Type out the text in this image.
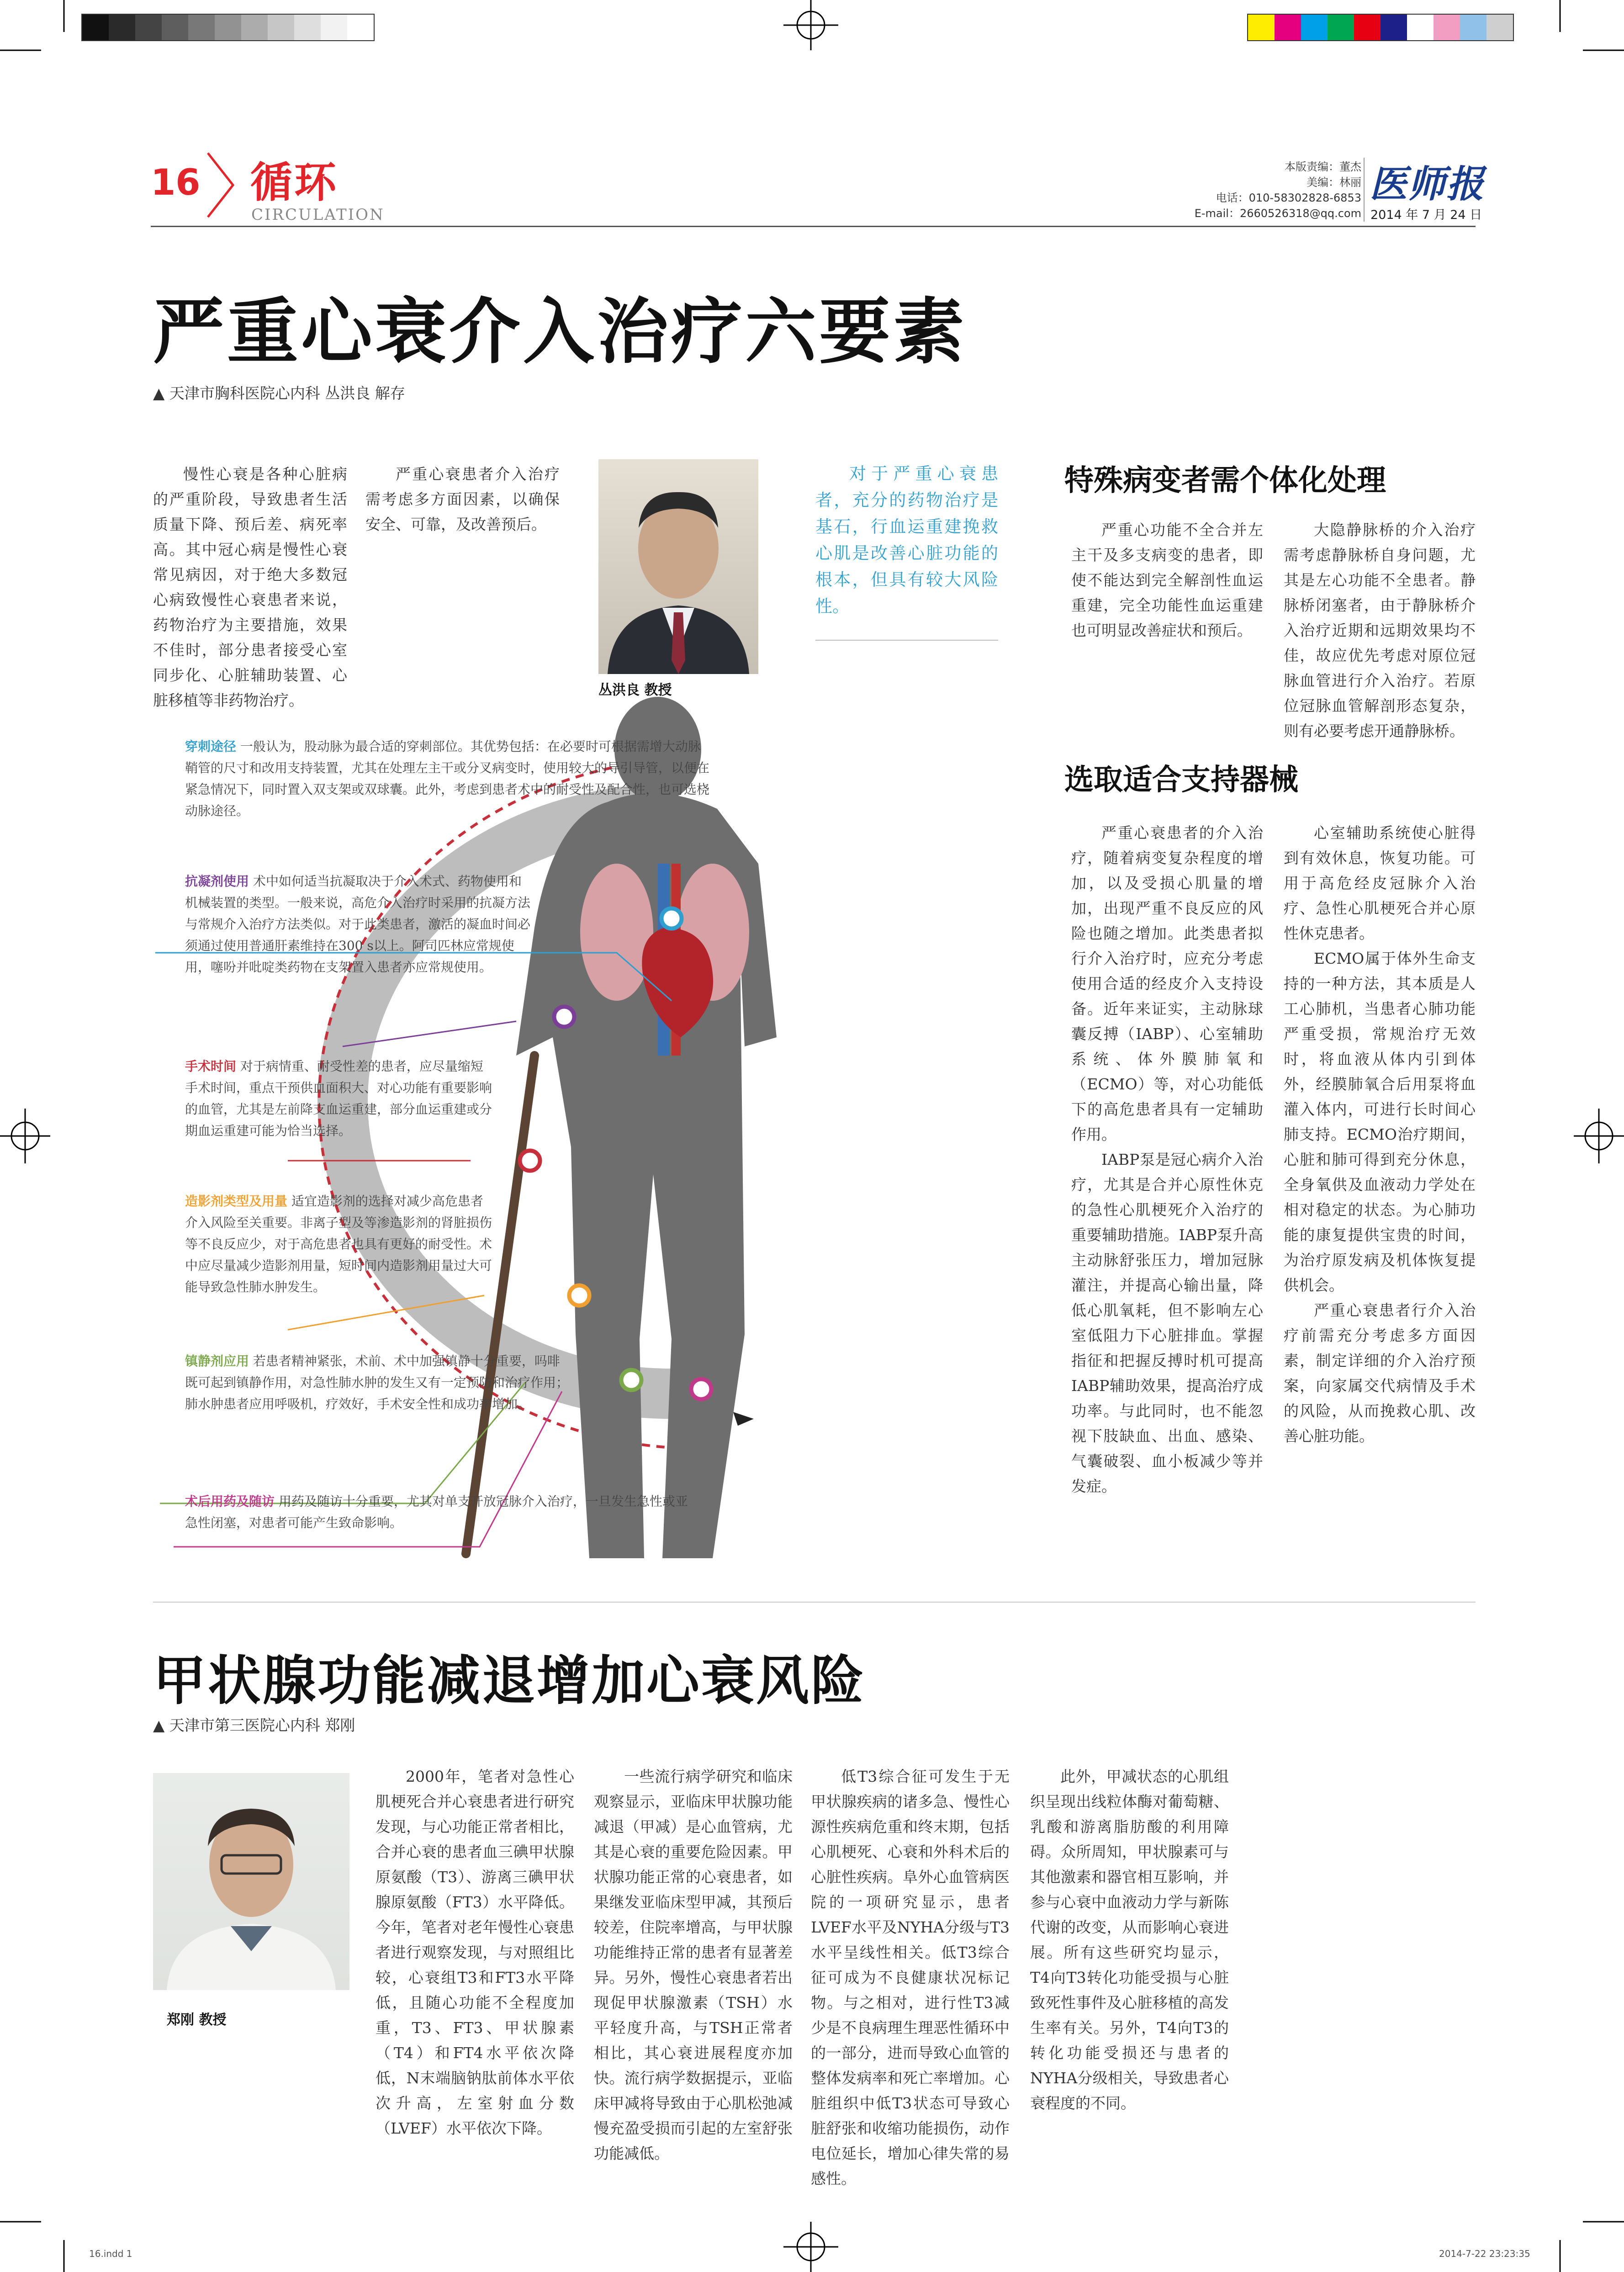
16 循环
CIRCULATION
本版责编：董杰
美编：林丽
电话：010-58302828-6853
E-mail：2660526318@qq.com
医师报
2014 年 7 月 24 日
严重心衰介入治疗六要素
▲ 天津市胸科医院心内科 丛洪良 解存

慢性心衰是各种心脏病的严重阶段，导致患者生活质量下降、预后差、病死率高。其中冠心病是慢性心衰常见病因，对于绝大多数冠心病致慢性心衰患者来说，药物治疗为主要措施，效果不佳时，部分患者接受心室同步化、心脏辅助装置、心脏移植等非药物治疗。

严重心衰患者介入治疗需考虑多方面因素，以确保安全、可靠，及改善预后。

丛洪良 教授
对于严重心衰患者，充分的药物治疗是基石，行血运重建挽救心肌是改善心脏功能的根本，但具有较大风险性。
特殊病变者需个体化处理

严重心功能不全合并左主干及多支病变的患者，即使不能达到完全解剖性血运重建，完全功能性血运重建也可明显改善症状和预后。

大隐静脉桥的介入治疗需考虑静脉桥自身问题，尤其是左心功能不全患者。静脉桥闭塞者，由于静脉桥介入治疗近期和远期效果均不佳，故应优先考虑对原位冠脉血管进行介入治疗。若原位冠脉血管解剖形态复杂，则有必要考虑开通静脉桥。

选取适合支持器械

严重心衰患者的介入治疗，随着病变复杂程度的增加，以及受损心肌量的增加，出现严重不良反应的风险也随之增加。此类患者拟行介入治疗时，应充分考虑使用合适的经皮介入支持设备。近年来证实，主动脉球囊反搏（IABP）、心室辅助系统、体外膜肺氧和（ECMO）等，对心功能低下的高危患者具有一定辅助作用。

IABP泵是冠心病介入治疗，尤其是合并心原性休克的急性心肌梗死介入治疗的重要辅助措施。IABP泵升高主动脉舒张压力，增加冠脉灌注，并提高心输出量，降低心肌氧耗，但不影响左心室低阻力下心脏排血。掌握指征和把握反搏时机可提高IABP辅助效果，提高治疗成功率。与此同时，也不能忽视下肢缺血、出血、感染、气囊破裂、血小板减少等并发症。

心室辅助系统使心脏得到有效休息，恢复功能。可用于高危经皮冠脉介入治疗、急性心肌梗死合并心原性休克患者。

ECMO属于体外生命支持的一种方法，其本质是人工心肺机，当患者心肺功能严重受损，常规治疗无效时，将血液从体内引到体外，经膜肺氧合后用泵将血灌入体内，可进行长时间心肺支持。ECMO治疗期间，心脏和肺可得到充分休息，全身氧供及血液动力学处在相对稳定的状态。为心肺功能的康复提供宝贵的时间，为治疗原发病及机体恢复提供机会。

严重心衰患者行介入治疗前需充分考虑多方面因素，制定详细的介入治疗预案，向家属交代病情及手术的风险，从而挽救心肌、改善心脏功能。

穿刺途径 一般认为，股动脉为最合适的穿刺部位。其优势包括：在必要时可根据需增大动脉鞘管的尺寸和改用支持装置，尤其在处理左主干或分叉病变时，使用较大的导引导管，以便在紧急情况下，同时置入双支架或双球囊。此外，考虑到患者术中的耐受性及配合性，也可选桡动脉途径。
抗凝剂使用 术中如何适当抗凝取决于介入术式、药物使用和机械装置的类型。一般来说，高危介入治疗时采用的抗凝方法与常规介入治疗方法类似。对于此类患者，激活的凝血时间必须通过使用普通肝素维持在300 s以上。阿司匹林应常规使用，噻吩并吡啶类药物在支架置入患者亦应常规使用。
手术时间 对于病情重、耐受性差的患者，应尽量缩短手术时间，重点干预供血面积大、对心功能有重要影响的血管，尤其是左前降支血运重建，部分血运重建或分期血运重建可能为恰当选择。
造影剂类型及用量 适宜造影剂的选择对减少高危患者介入风险至关重要。非离子型及等渗造影剂的肾脏损伤等不良反应少，对于高危患者也具有更好的耐受性。术中应尽量减少造影剂用量，短时间内造影剂用量过大可能导致急性肺水肿发生。
镇静剂应用 若患者精神紧张，术前、术中加强镇静十分重要，吗啡既可起到镇静作用，对急性肺水肿的发生又有一定预防和治疗作用；肺水肿患者应用呼吸机，疗效好，手术安全性和成功率增加。
术后用药及随访 用药及随访十分重要，尤其对单支开放冠脉介入治疗，一旦发生急性或亚急性闭塞，对患者可能产生致命影响。
甲状腺功能减退增加心衰风险
▲ 天津市第三医院心内科 郑刚
郑刚 教授

2000年，笔者对急性心肌梗死合并心衰患者进行研究发现，与心功能正常者相比，合并心衰的患者血三碘甲状腺原氨酸（T3）、游离三碘甲状腺原氨酸（FT3）水平降低。今年，笔者对老年慢性心衰患者进行观察发现，与对照组比较，心衰组T3和FT3水平降低，且随心功能不全程度加重，T3、FT3、甲状腺素（T4）和FT4水平依次降低，N末端脑钠肽前体水平依次升高，左室射血分数（LVEF）水平依次下降。

一些流行病学研究和临床观察显示，亚临床甲状腺功能减退（甲减）是心血管病，尤其是心衰的重要危险因素。甲状腺功能正常的心衰患者，如果继发亚临床型甲减，其预后较差，住院率增高，与甲状腺功能维持正常的患者有显著差异。另外，慢性心衰患者若出现促甲状腺激素（TSH）水平轻度升高，与TSH正常者相比，其心衰进展程度亦加快。流行病学数据提示，亚临床甲减将导致由于心肌松弛减慢充盈受损而引起的左室舒张功能减低。

低T3综合征可发生于无甲状腺疾病的诸多急、慢性心源性疾病危重和终末期，包括心肌梗死、心衰和外科术后的心脏性疾病。阜外心血管病医院的一项研究显示，患者LVEF水平及NYHA分级与T3水平呈线性相关。低T3综合征可成为不良健康状况标记物。与之相对，进行性T3减少是不良病理生理恶性循环中的一部分，进而导致心血管的整体发病率和死亡率增加。心脏组织中低T3状态可导致心脏舒张和收缩功能损伤，动作电位延长，增加心律失常的易感性。

此外，甲减状态的心肌组织呈现出线粒体酶对葡萄糖、乳酸和游离脂肪酸的利用障碍。众所周知，甲状腺素可与其他激素和器官相互影响，并参与心衰中血液动力学与新陈代谢的改变，从而影响心衰进展。所有这些研究均显示，T4向T3转化功能受损与心脏致死性事件及心脏移植的高发生率有关。另外，T4向T3的转化功能受损还与患者的NYHA分级相关，导致患者心衰程度的不同。

16.indd 1	2014-7-22 23:23:35
